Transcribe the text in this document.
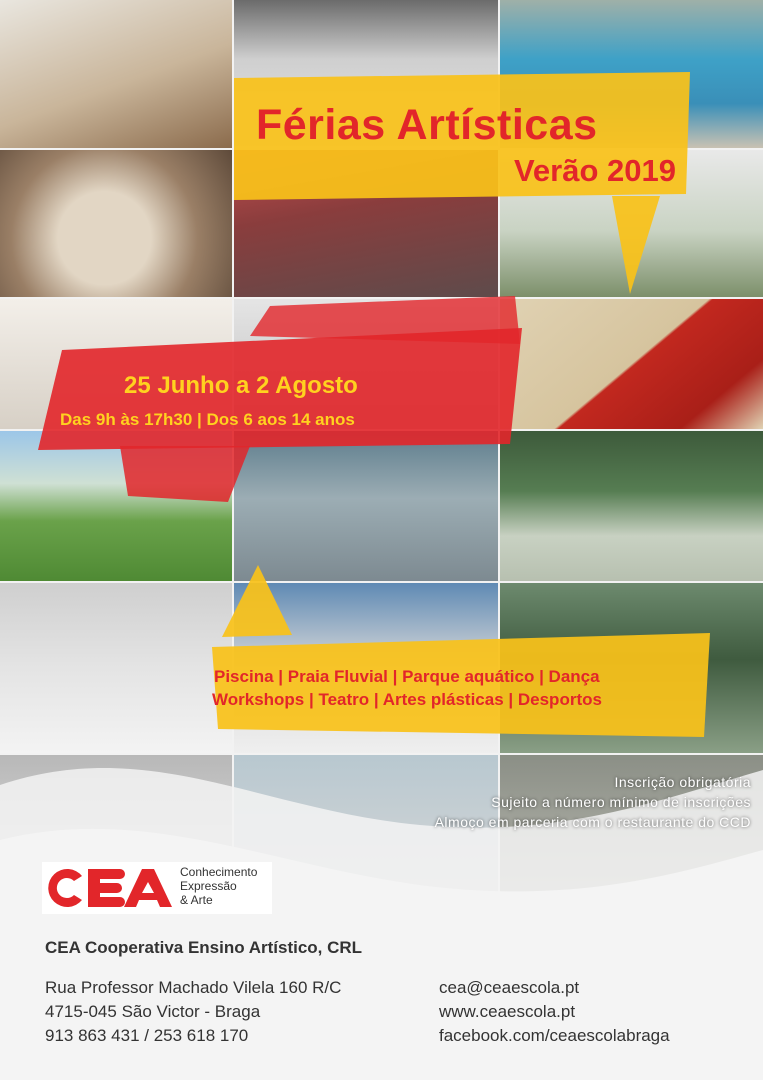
Férias Artísticas
Verão 2019
25 Junho a 2 Agosto
Das 9h às 17h30 | Dos 6 aos 14 anos
Piscina | Praia Fluvial | Parque aquático | Dança
Workshops | Teatro | Artes plásticas | Desportos
Inscrição obrigatória
Sujeito a número mínimo de inscrições
Almoço em parceria com o restaurante do CCD
Conhecimento
Expressão
& Arte
CEA Cooperativa Ensino Artístico, CRL
Rua Professor Machado Vilela 160 R/C
4715-045 São Victor - Braga
913 863 431 / 253 618 170
cea@ceaescola.pt
www.ceaescola.pt
facebook.com/ceaescolabraga
